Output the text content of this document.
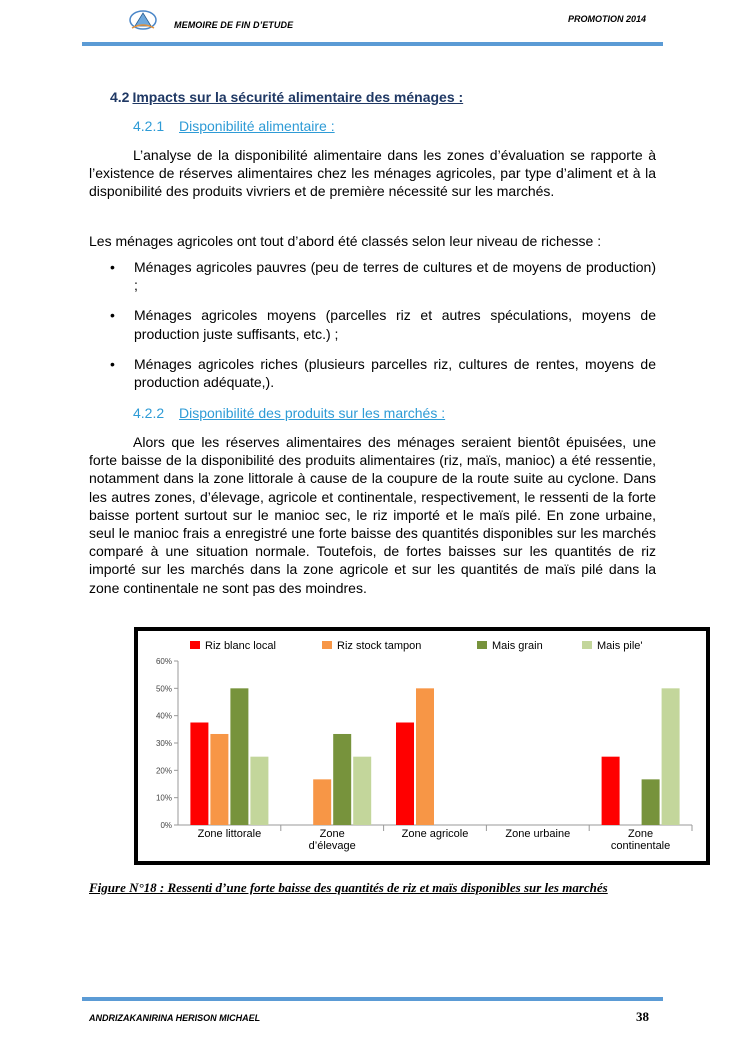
MEMOIRE DE FIN D’ETUDE
PROMOTION 2014
4.2 Impacts sur la sécurité alimentaire des ménages :
4.2.1 Disponibilité alimentaire :

L’analyse de la disponibilité alimentaire dans les zones d’évaluation se rapporte à l’existence de réserves alimentaires chez les ménages agricoles, par type d’aliment et à la disponibilité des produits vivriers et de première nécessité sur les marchés.

Les ménages agricoles ont tout d’abord été classés selon leur niveau de richesse :

•	Ménages agricoles pauvres (peu de terres de cultures et de moyens de production) ;
•	Ménages agricoles moyens (parcelles riz et autres spéculations, moyens de production juste suffisants, etc.) ;
•	Ménages agricoles riches (plusieurs parcelles riz, cultures de rentes, moyens de production adéquate,).
4.2.2 Disponibilité des produits sur les marchés :

Alors que les réserves alimentaires des ménages seraient bientôt épuisées, une forte baisse de la disponibilité des produits alimentaires (riz, maïs, manioc) a été ressentie, notamment dans la zone littorale à cause de la coupure de la route suite au cyclone. Dans les autres zones, d’élevage, agricole et continentale, respectivement, le ressenti de la forte baisse portent surtout sur le manioc sec, le riz importé et le maïs pilé. En zone urbaine, seul le manioc frais a enregistré une forte baisse des quantités disponibles sur les marchés comparé à une situation normale. Toutefois, de fortes baisses sur les quantités de riz importé sur les marchés dans la zone agricole et sur les quantités de maïs pilé dans la zone continentale ne sont pas des moindres.

Riz blanc local	Riz stock tampon	Mais grain	Mais pile'
0%
10%
20%
30%
40%
50%
60%
Zone littorale	Zone d’élevage
Zone agricole	Zone urbaine	Zone continentale
Figure N°18 : Ressenti d’une forte baisse des quantités de riz et maïs disponibles sur les marchés
ANDRIZAKANIRINA HERISON MICHAEL	38
